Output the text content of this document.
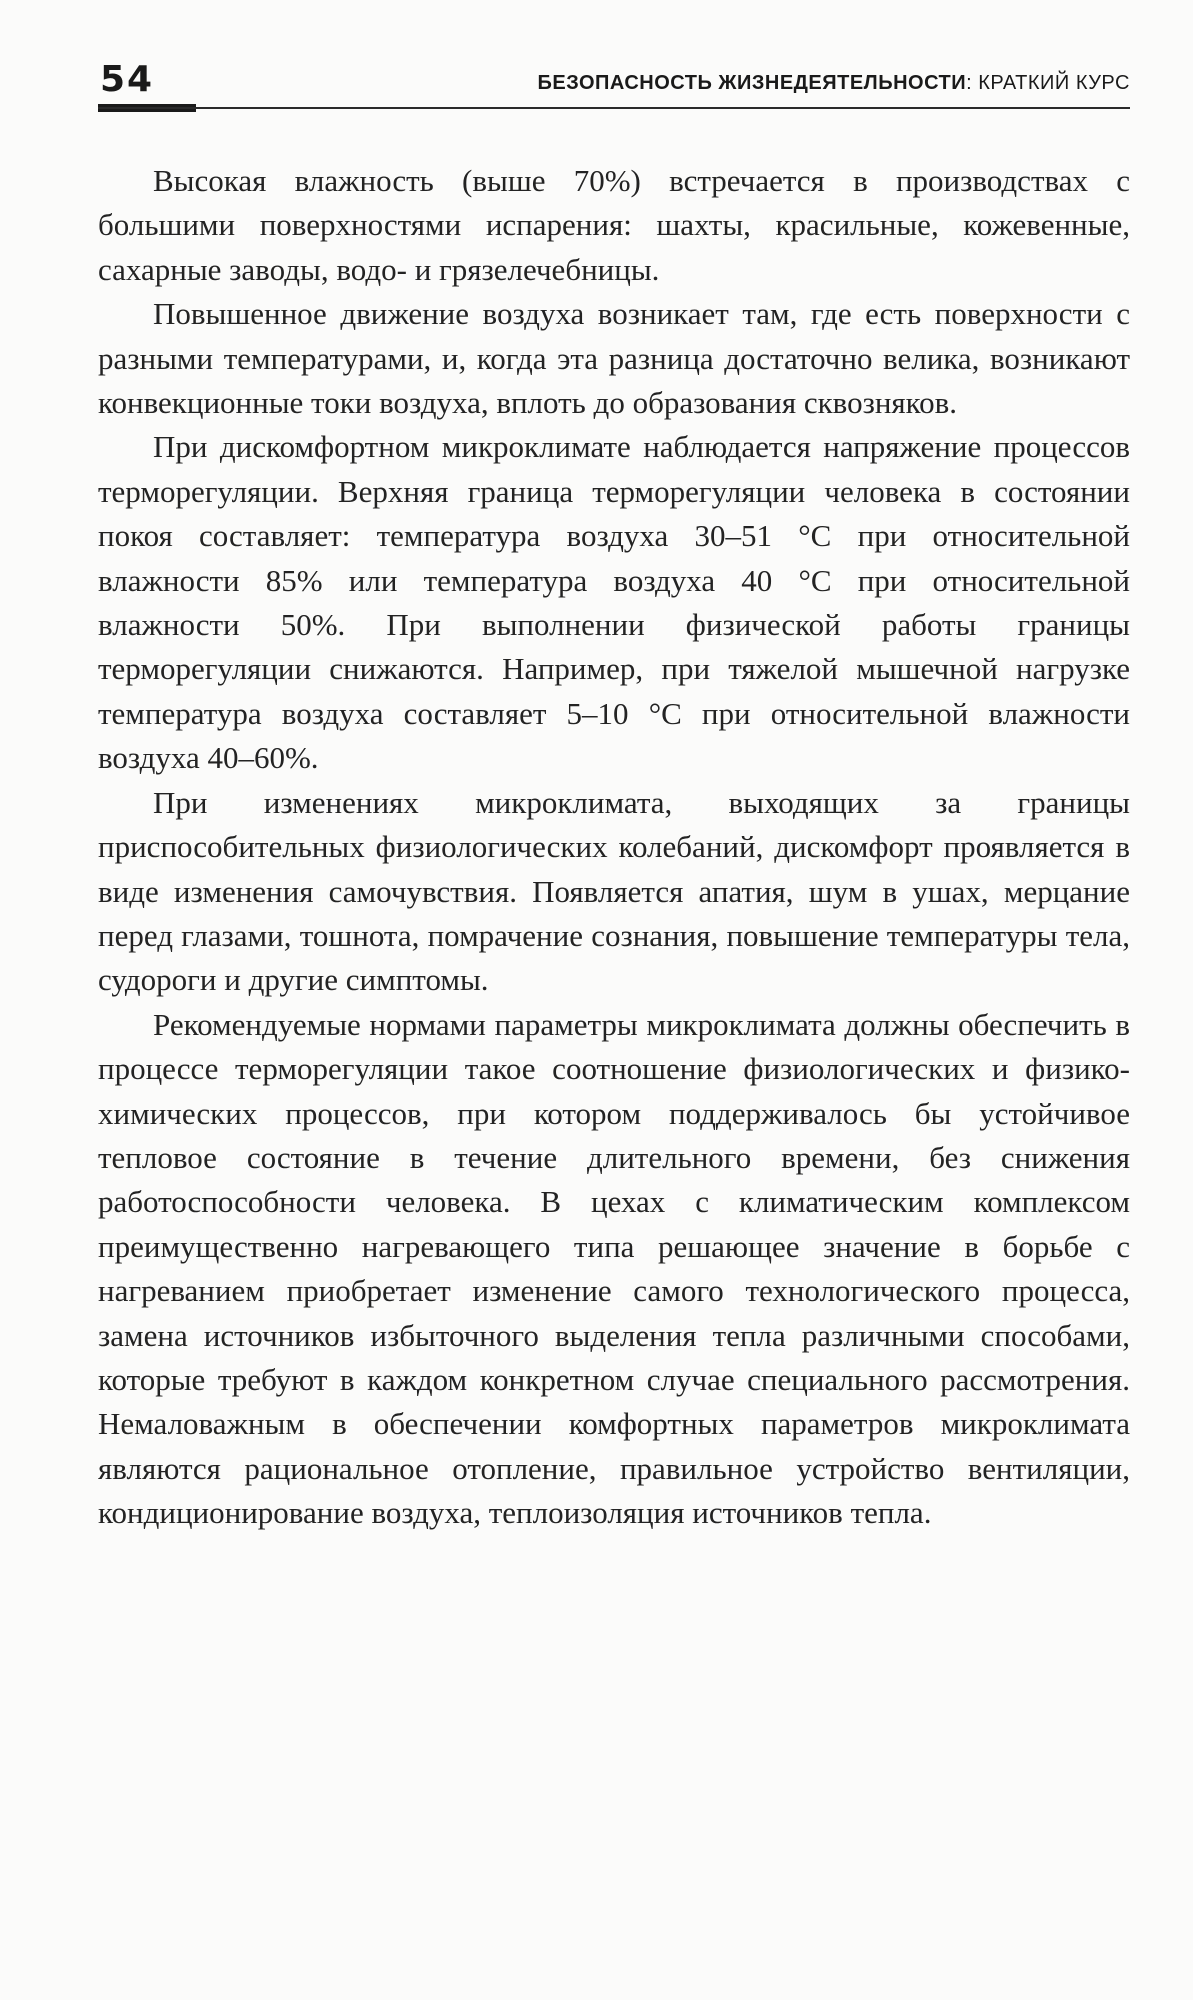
54	БЕЗОПАСНОСТЬ ЖИЗНЕДЕЯТЕЛЬНОСТИ: КРАТКИЙ КУРС

Высокая влажность (выше 70%) встречается в производствах с большими поверхностями испарения: шахты, красильные, кожевенные, сахарные заводы, водо- и грязелечебницы.

Повышенное движение воздуха возникает там, где есть поверхности с разными температурами, и, когда эта разница достаточно велика, возникают конвекционные токи воздуха, вплоть до образования сквозняков.

При дискомфортном микроклимате наблюдается напряжение процессов терморегуляции. Верхняя граница терморегуляции человека в состоянии покоя составляет: температура воздуха 30–51 °С при относительной влажности 85% или температура воздуха 40 °С при относительной влажности 50%. При выполнении физической работы границы терморегуляции снижаются. Например, при тяжелой мышечной нагрузке температура воздуха составляет 5–10 °С при относительной влажности воздуха 40–60%.

При изменениях микроклимата, выходящих за границы приспособительных физиологических колебаний, дискомфорт проявляется в виде изменения самочувствия. Появляется апатия, шум в ушах, мерцание перед глазами, тошнота, помрачение сознания, повышение температуры тела, судороги и другие симптомы.

Рекомендуемые нормами параметры микроклимата должны обеспечить в процессе терморегуляции такое соотношение физиологических и физико-химических процессов, при котором поддерживалось бы устойчивое тепловое состояние в течение длительного времени, без снижения работоспособности человека. В цехах с климатическим комплексом преимущественно нагревающего типа решающее значение в борьбе с нагреванием приобретает изменение самого технологического процесса, замена источников избыточного выделения тепла различными способами, которые требуют в каждом конкретном случае специального рассмотрения. Немаловажным в обеспечении комфортных параметров микроклимата являются рациональное отопление, правильное устройство вентиляции, кондиционирование воздуха, теплоизоляция источников тепла.
